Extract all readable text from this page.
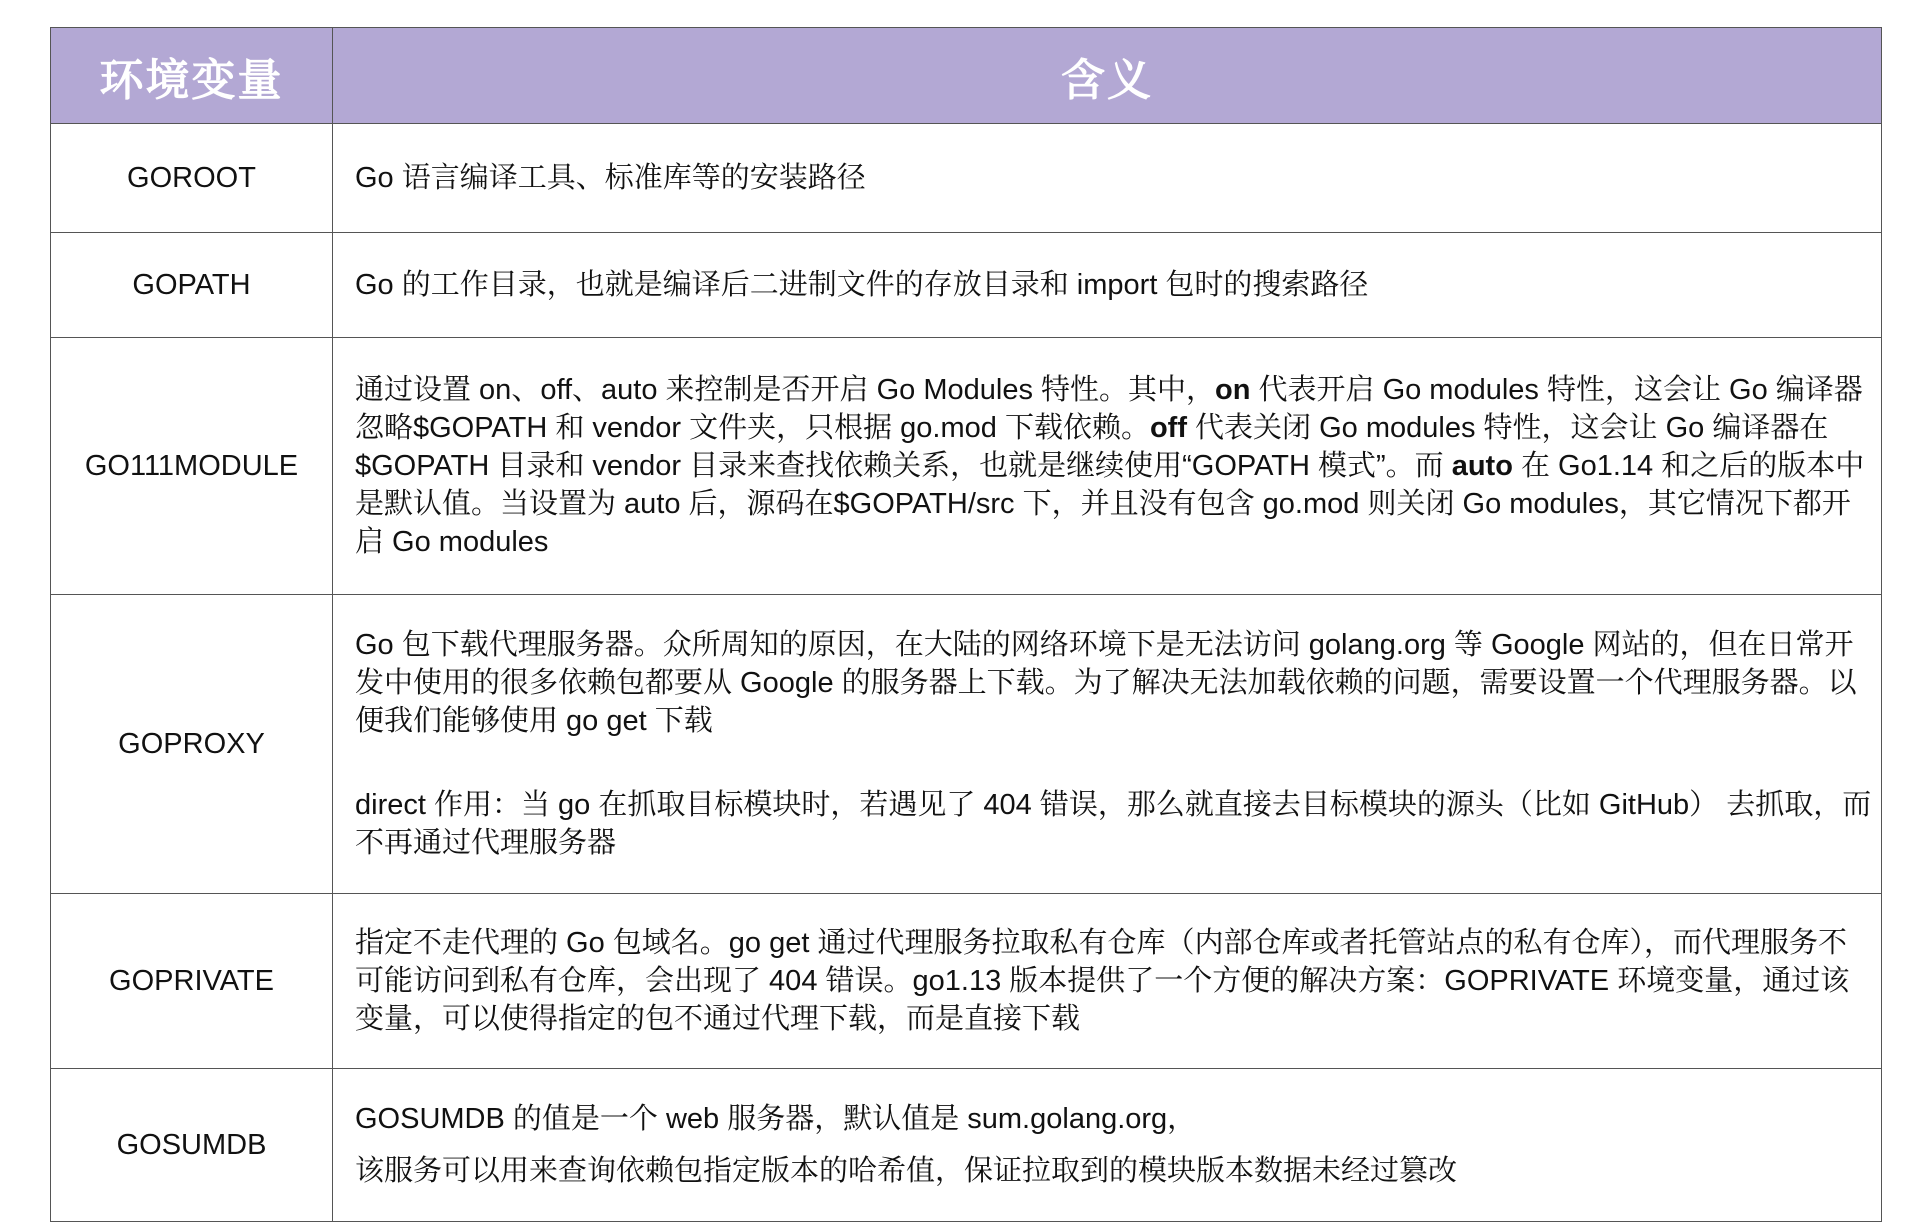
环境变量	含义
GOROOT	Go 语言编译工具、标准库等的安装路径

GOPATH	Go 的工作目录，也就是编译后二进制文件的存放目录和 import 包时的搜索路径

GO111MODULE	通过设置 on、off、auto 来控制是否开启 Go Modules 特性。其中，on 代表开启 Go modules 特性，这会让 Go 编译器忽略$GOPATH 和 vendor 文件夹，只根据 go.mod 下载依赖。off 代表关闭 Go modules 特性，这会让 Go 编译器在$GOPATH 目录和 vendor 目录来查找依赖关系，也就是继续使用“GOPATH 模式”。而 auto 在 Go1.14 和之后的版本中是默认值。当设置为 auto 后，源码在$GOPATH/src 下，并且没有包含 go.mod 则关闭 Go modules，其它情况下都开启 Go modules

GOPROXY	Go 包下载代理服务器。众所周知的原因，在大陆的网络环境下是无法访问 golang.org 等 Google 网站的，但在日常开发中使用的很多依赖包都要从 Google 的服务器上下载。为了解决无法加载依赖的问题，需要设置一个代理服务器。以便我们能够使用 go get 下载

direct 作用：当 go 在抓取目标模块时，若遇见了 404 错误，那么就直接去目标模块的源头（比如 GitHub） 去抓取，而不再通过代理服务器

GOPRIVATE	指定不走代理的 Go 包域名。go get 通过代理服务拉取私有仓库（内部仓库或者托管站点的私有仓库），而代理服务不可能访问到私有仓库，会出现了 404 错误。go1.13 版本提供了一个方便的解决方案：GOPRIVATE 环境变量，通过该变量，可以使得指定的包不通过代理下载，而是直接下载

GOSUMDB	GOSUMDB 的值是一个 web 服务器，默认值是 sum.golang.org，

该服务可以用来查询依赖包指定版本的哈希值，保证拉取到的模块版本数据未经过篡改
